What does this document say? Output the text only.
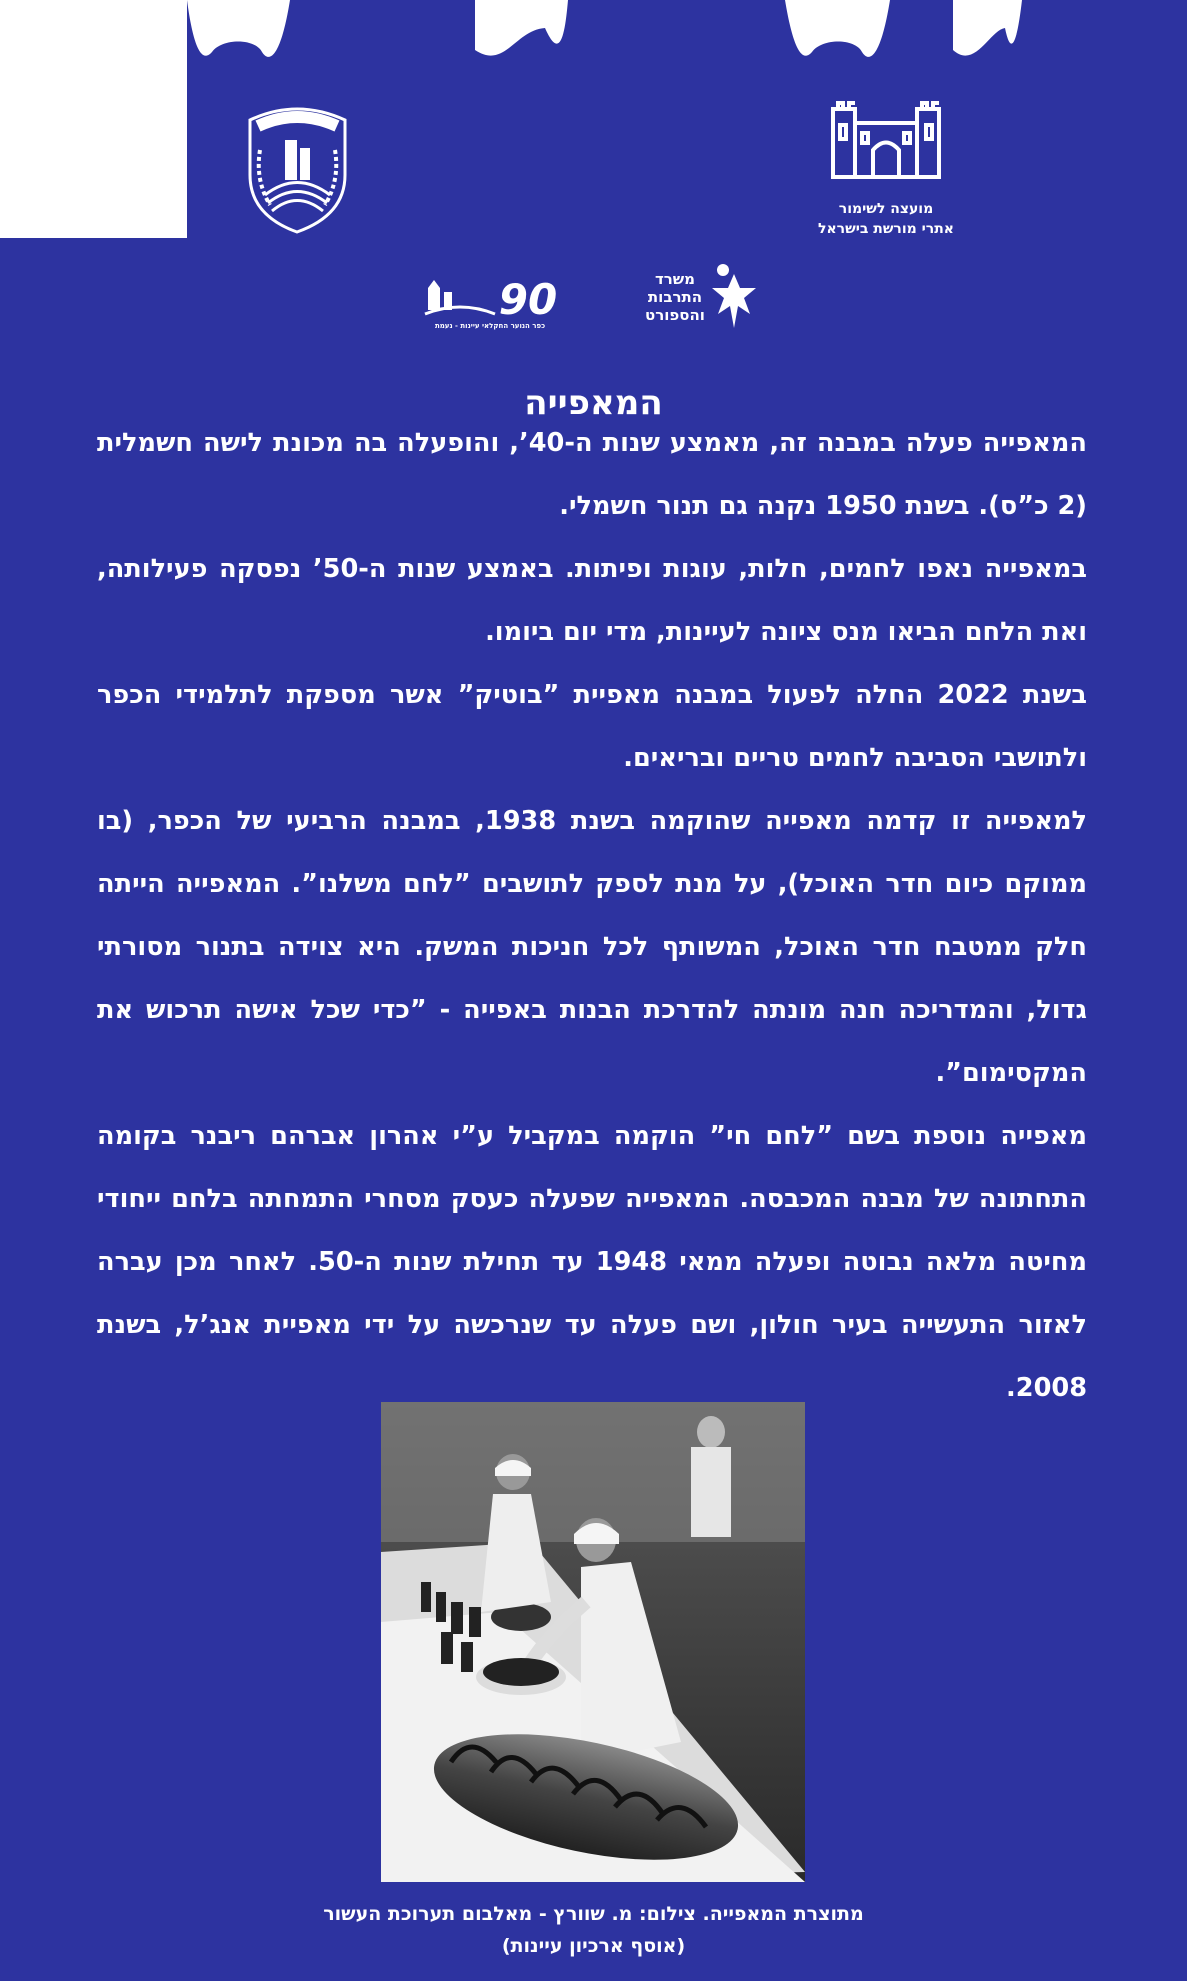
מועצה לשימור
אתרי מורשת בישראל
90
כפר הנוער החקלאי עיינות - נעמת
משרד
התרבות
והספורט
המאפייה

המאפייה פעלה במבנה זה, מאמצע שנות ה-40’, והופעלה בה מכונת לישה חשמלית (2 כ”ס). בשנת 1950 נקנה גם תנור חשמלי.

במאפייה נאפו לחמים, חלות, עוגות ופיתות. באמצע שנות ה-50’ נפסקה פעילותה, ואת הלחם הביאו מנס ציונה לעיינות, מדי יום ביומו.

בשנת 2022 החלה לפעול במבנה מאפיית ”בוטיק” אשר מספקת לתלמידי הכפר ולתושבי הסביבה לחמים טריים ובריאים.

למאפייה זו קדמה מאפייה שהוקמה בשנת 1938, במבנה הרביעי של הכפר, (בו ממוקם כיום חדר האוכל), על מנת לספק לתושבים ”לחם משלנו”. המאפייה הייתה חלק ממטבח חדר האוכל, המשותף לכל חניכות המשק. היא צוידה בתנור מסורתי גדול, והמדריכה חנה מונתה להדרכת הבנות באפייה - ”כדי שכל אישה תרכוש את המקסימום”.

מאפייה נוספת בשם ”לחם חי” הוקמה במקביל ע”י אהרון אברהם ריבנר בקומה התחתונה של מבנה המכבסה. המאפייה שפעלה כעסק מסחרי התמחתה בלחם ייחודי מחיטה מלאה נבוטה ופעלה ממאי 1948 עד תחילת שנות ה-50. לאחר מכן עברה לאזור התעשייה בעיר חולון, ושם פעלה עד שנרכשה על ידי מאפיית אנג’ל, בשנת 2008.

מתוצרת המאפייה. צילום: מ. שוורץ - מאלבום תערוכת העשור
(אוסף ארכיון עיינות)
